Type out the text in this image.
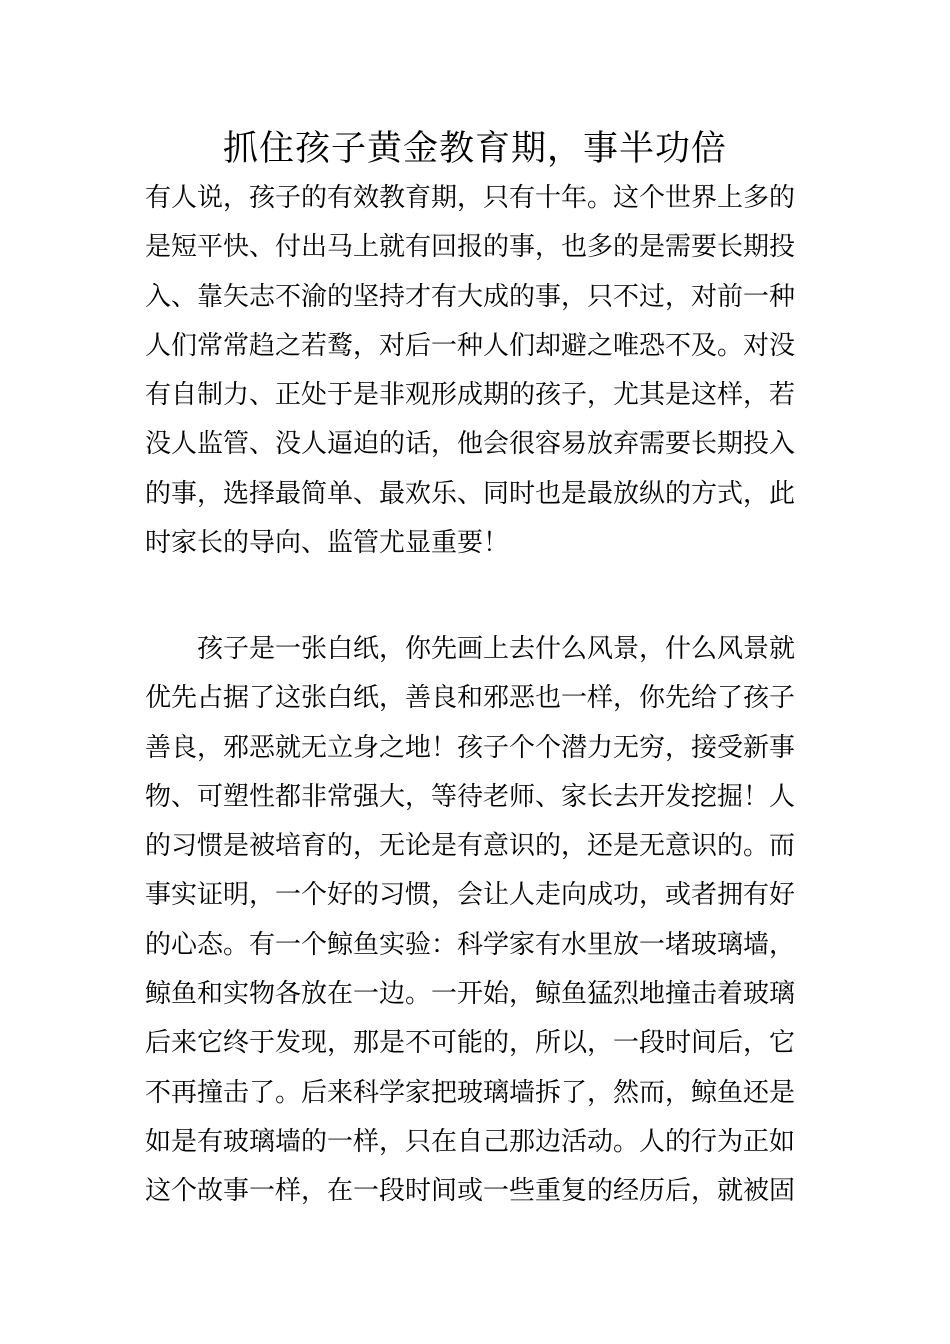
抓住孩子黄金教育期，事半功倍
有人说，孩子的有效教育期，只有十年。这个世界上多的
是短平快、付出马上就有回报的事，也多的是需要长期投
入、靠矢志不渝的坚持才有大成的事，只不过，对前一种
人们常常趋之若鹜，对后一种人们却避之唯恐不及。对没
有自制力、正处于是非观形成期的孩子，尤其是这样，若
没人监管、没人逼迫的话，他会很容易放弃需要长期投入
的事，选择最简单、最欢乐、同时也是最放纵的方式，此
时家长的导向、监管尤显重要！
　　孩子是一张白纸，你先画上去什么风景，什么风景就
优先占据了这张白纸，善良和邪恶也一样，你先给了孩子
善良，邪恶就无立身之地！孩子个个潜力无穷，接受新事
物、可塑性都非常强大，等待老师、家长去开发挖掘！人
的习惯是被培育的，无论是有意识的，还是无意识的。而
事实证明，一个好的习惯，会让人走向成功，或者拥有好
的心态。有一个鲸鱼实验：科学家有水里放一堵玻璃墙，
鲸鱼和实物各放在一边。一开始，鲸鱼猛烈地撞击着玻璃
后来它终于发现，那是不可能的，所以，一段时间后，它
不再撞击了。后来科学家把玻璃墙拆了，然而，鲸鱼还是
如是有玻璃墙的一样，只在自己那边活动。人的行为正如
这个故事一样，在一段时间或一些重复的经历后，就被固
